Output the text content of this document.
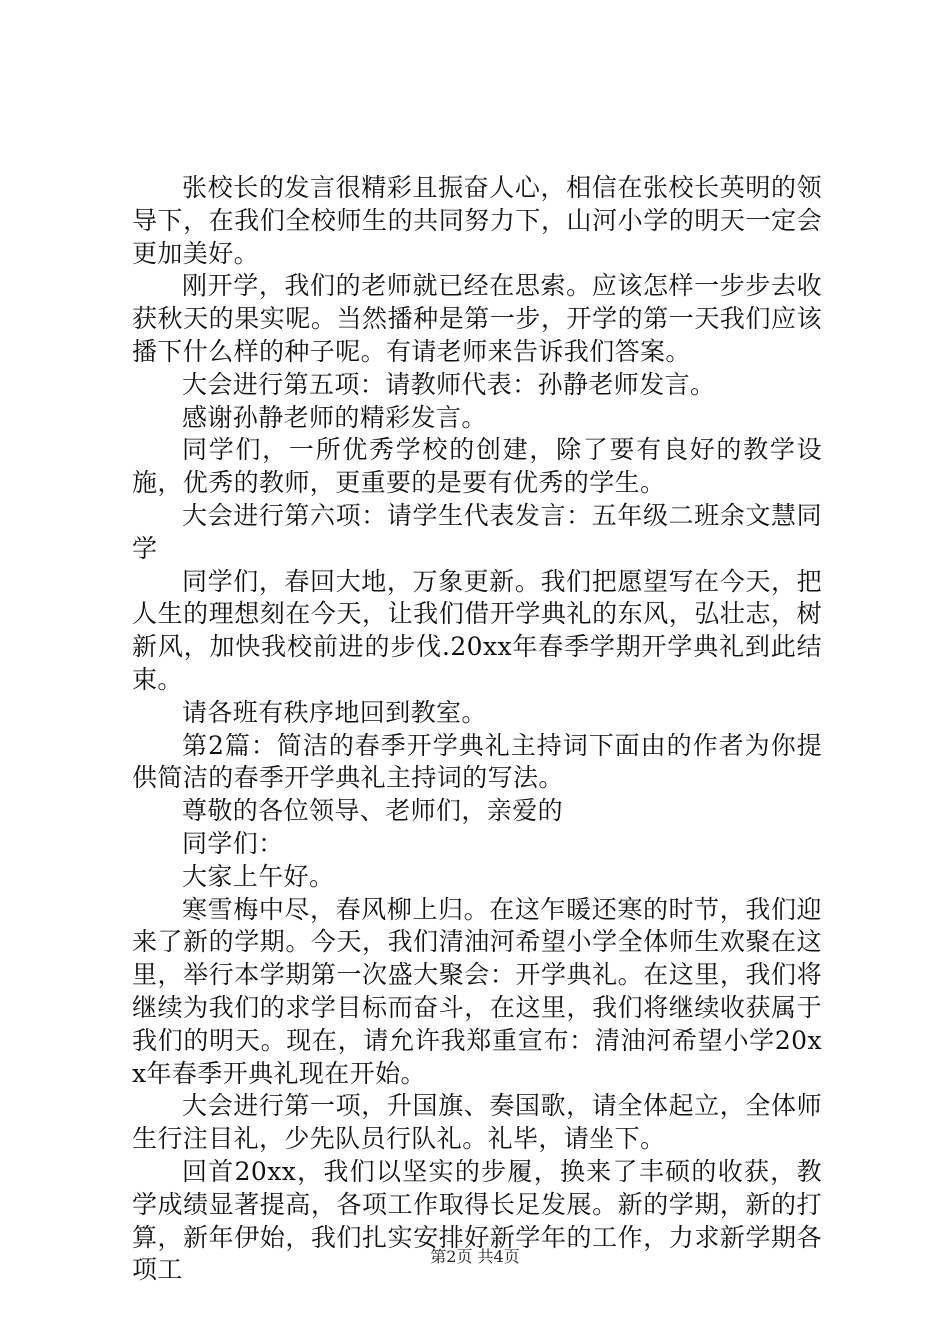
张校长的发言很精彩且振奋人心，相信在张校长英明的领导下，在我们全校师生的共同努力下，山河小学的明天一定会更加美好。

刚开学，我们的老师就已经在思索。应该怎样一步步去收获秋天的果实呢。当然播种是第一步，开学的第一天我们应该播下什么样的种子呢。有请老师来告诉我们答案。

大会进行第五项：请教师代表：孙静老师发言。

感谢孙静老师的精彩发言。

同学们，一所优秀学校的创建，除了要有良好的教学设施，优秀的教师，更重要的是要有优秀的学生。

大会进行第六项：请学生代表发言：五年级二班余文慧同学

同学们，春回大地，万象更新。我们把愿望写在今天，把人生的理想刻在今天，让我们借开学典礼的东风，弘壮志，树新风，加快我校前进的步伐.20xx年春季学期开学典礼到此结束。

请各班有秩序地回到教室。

第2篇：简洁的春季开学典礼主持词下面由的作者为你提供简洁的春季开学典礼主持词的写法。

尊敬的各位领导、老师们，亲爱的

同学们：

大家上午好。

寒雪梅中尽，春风柳上归。在这乍暖还寒的时节，我们迎来了新的学期。今天，我们清油河希望小学全体师生欢聚在这里，举行本学期第一次盛大聚会：开学典礼。在这里，我们将继续为我们的求学目标而奋斗，在这里，我们将继续收获属于我们的明天。现在，请允许我郑重宣布：清油河希望小学20xx年春季开典礼现在开始。

大会进行第一项，升国旗、奏国歌，请全体起立，全体师生行注目礼，少先队员行队礼。礼毕，请坐下。

回首20xx，我们以坚实的步履，换来了丰硕的收获，教学成绩显著提高，各项工作取得长足发展。新的学期，新的打算，新年伊始，我们扎实安排好新学年的工作，力求新学期各项工	第2页 共4页
